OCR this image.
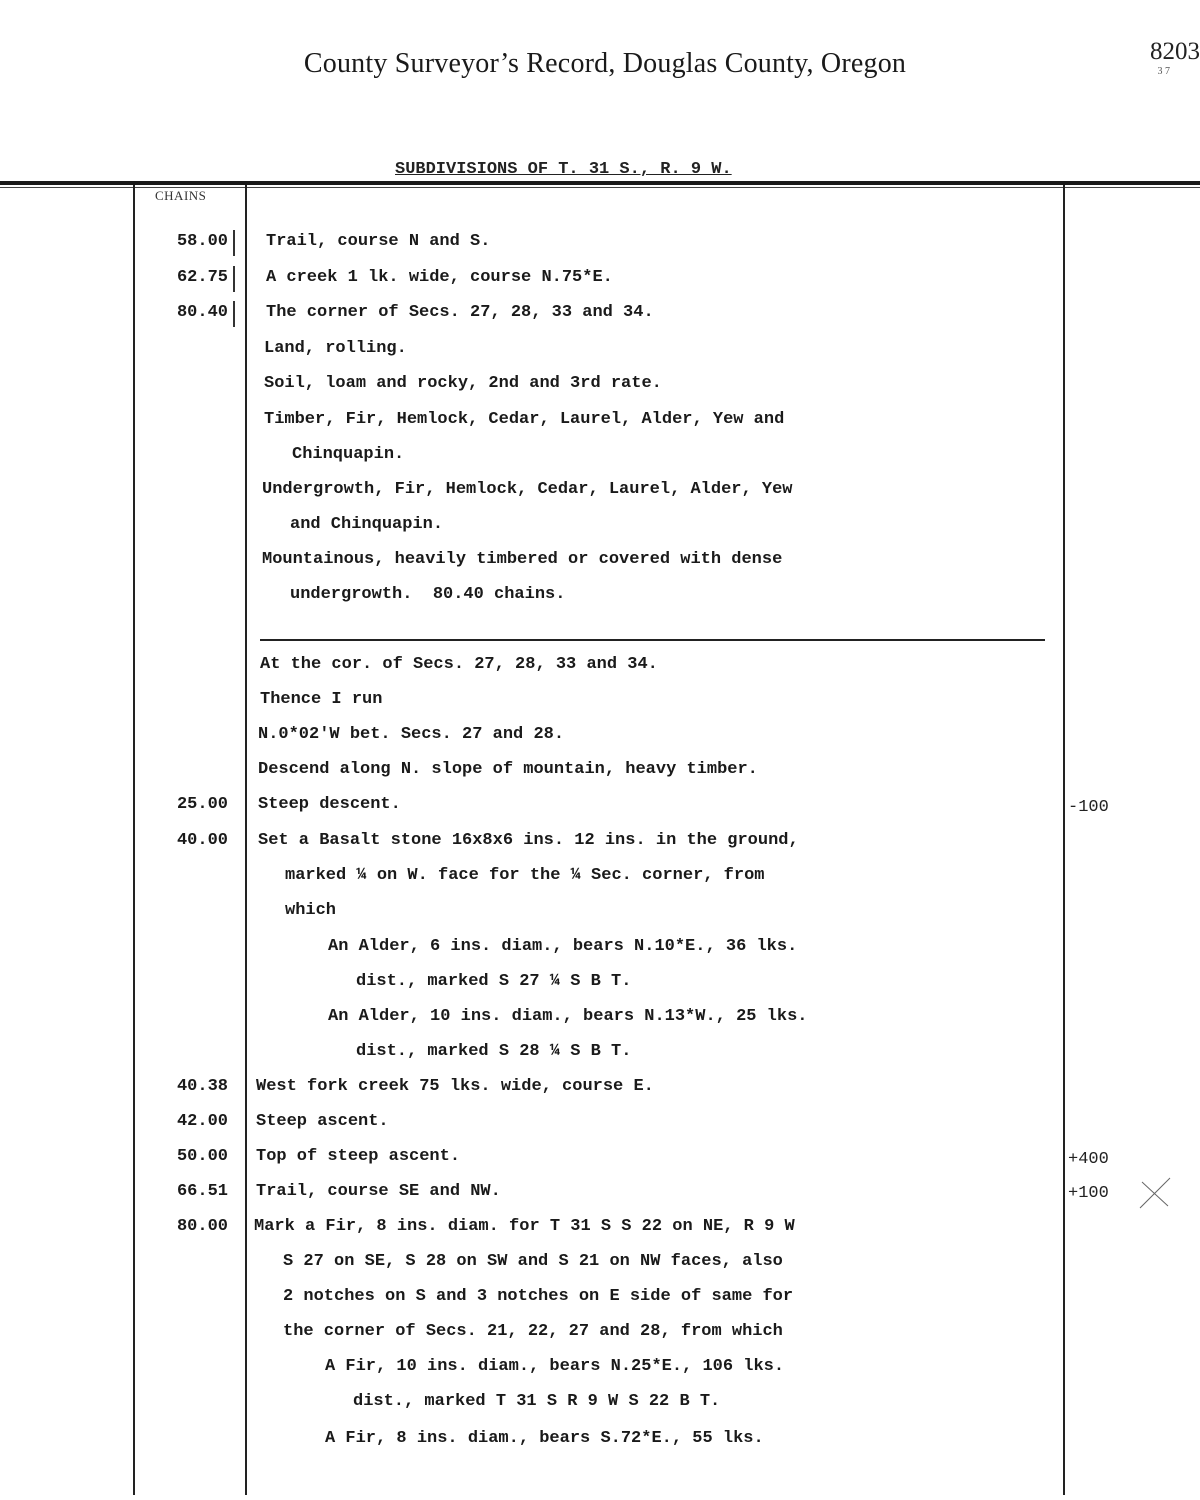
County Surveyor’s Record, Douglas County, Oregon	8203
3 7
SUBDIVISIONS OF T. 31 S., R. 9 W.
CHAINS
58.00 Trail, course N and S.
62.75 A creek 1 lk. wide, course N.75*E.
80.40 The corner of Secs. 27, 28, 33 and 34.
Land, rolling.
Soil, loam and rocky, 2nd and 3rd rate.
Timber, Fir, Hemlock, Cedar, Laurel, Alder, Yew and
Chinquapin.
Undergrowth, Fir, Hemlock, Cedar, Laurel, Alder, Yew
and Chinquapin.
Mountainous, heavily timbered or covered with dense
undergrowth.  80.40 chains.
At the cor. of Secs. 27, 28, 33 and 34.
Thence I run
N.0*02'W bet. Secs. 27 and 28.
Descend along N. slope of mountain, heavy timber.
25.00 Steep descent.
40.00 Set a Basalt stone 16x8x6 ins. 12 ins. in the ground,
marked ¼ on W. face for the ¼ Sec. corner, from
which
An Alder, 6 ins. diam., bears N.10*E., 36 lks.
dist., marked S 27 ¼ S B T.
An Alder, 10 ins. diam., bears N.13*W., 25 lks.
dist., marked S 28 ¼ S B T.
40.38 West fork creek 75 lks. wide, course E.
42.00 Steep ascent.
50.00 Top of steep ascent.
66.51 Trail, course SE and NW.
80.00 Mark a Fir, 8 ins. diam. for T 31 S S 22 on NE, R 9 W
S 27 on SE, S 28 on SW and S 21 on NW faces, also
2 notches on S and 3 notches on E side of same for
the corner of Secs. 21, 22, 27 and 28, from which
A Fir, 10 ins. diam., bears N.25*E., 106 lks.
dist., marked T 31 S R 9 W S 22 B T.
A Fir, 8 ins. diam., bears S.72*E., 55 lks.
-100
+400
+100
